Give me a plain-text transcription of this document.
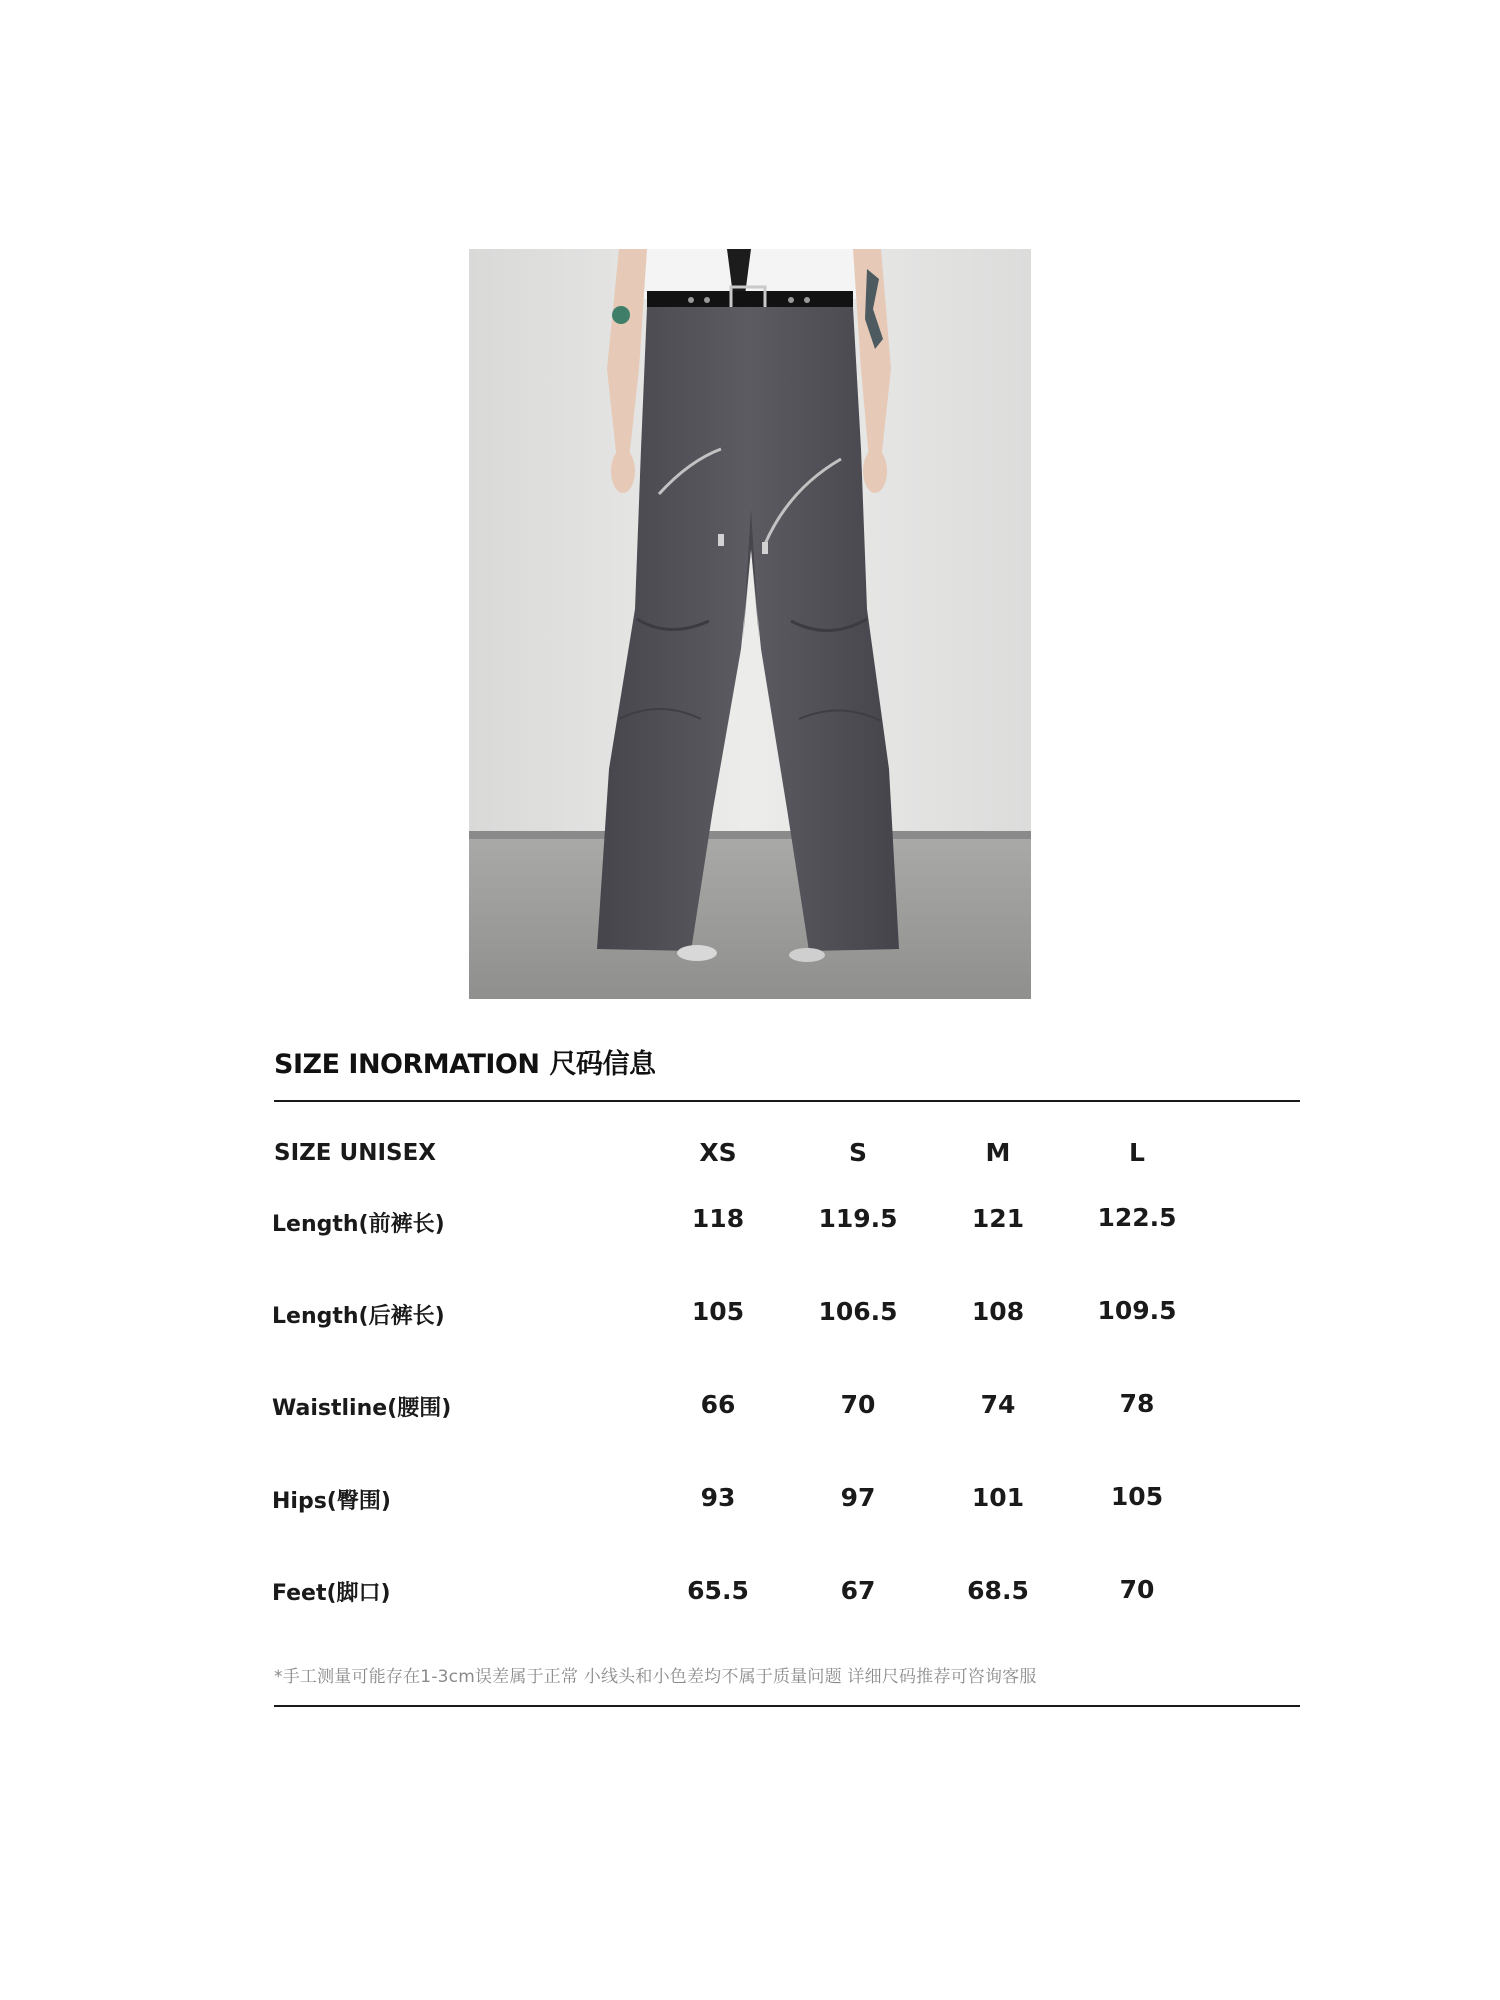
SIZE INORMATION 尺码信息
SIZE UNISEX	XS	S	M	L
Length(前裤长)	118	119.5	121	122.5
Length(后裤长)	105	106.5	108	109.5
Waistline(腰围)	66	70	74	78
Hips(臀围)	93	97	101	105
Feet(脚口)	65.5	67	68.5	70
*手工测量可能存在1-3cm误差属于正常 小线头和小色差均不属于质量问题 详细尺码推荐可咨询客服
